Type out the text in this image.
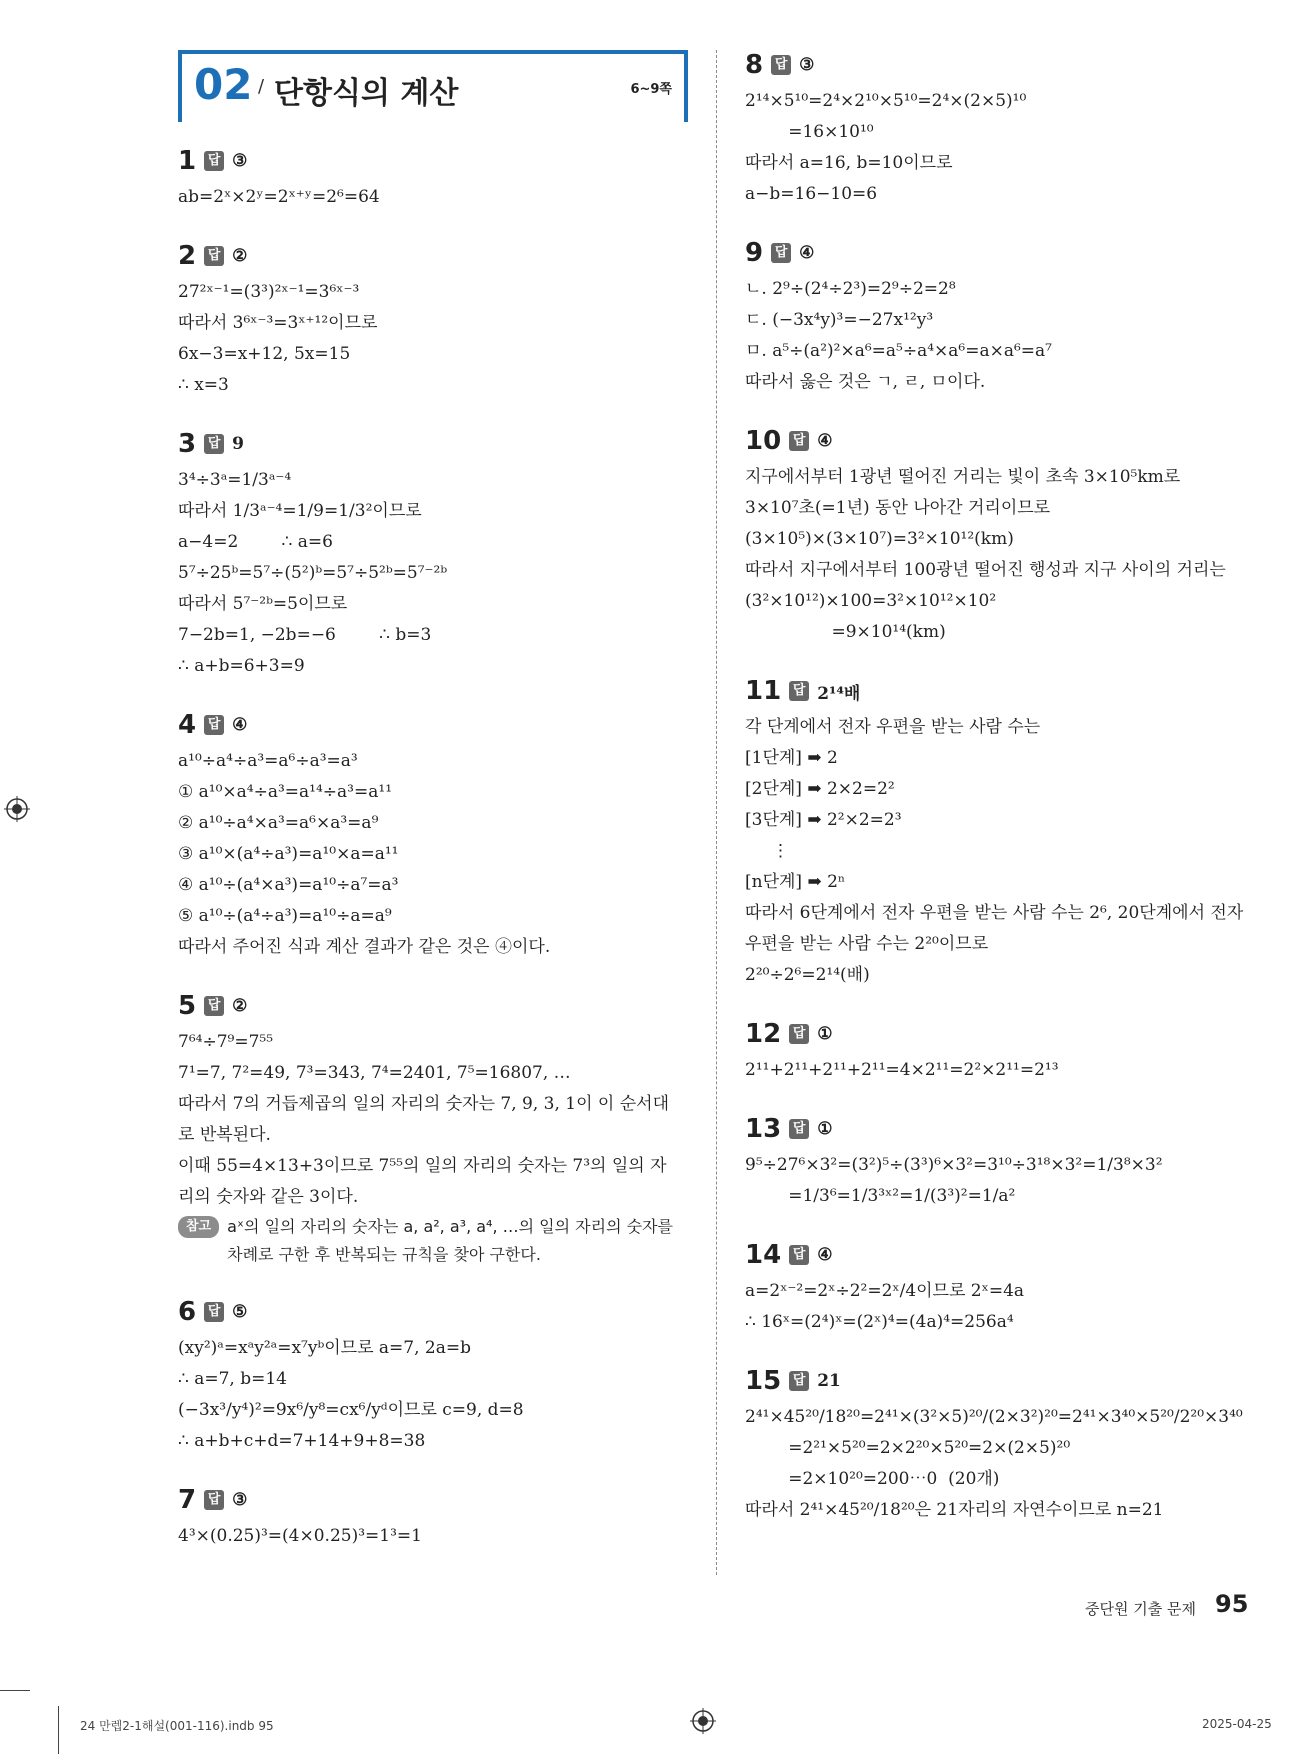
02 / 단항식의 계산	6~9쪽
1 답 ③
ab=2ˣ×2ʸ=2ˣ⁺ʸ=2⁶=64
2 답 ②
27²ˣ⁻¹=(3³)²ˣ⁻¹=3⁶ˣ⁻³
따라서 3⁶ˣ⁻³=3ˣ⁺¹²이므로
6x−3=x+12, 5x=15
∴ x=3
3 답 9
3⁴÷3ᵃ=1/3ᵃ⁻⁴
따라서 1/3ᵃ⁻⁴=1/9=1/3²이므로
a−4=2        ∴ a=6
5⁷÷25ᵇ=5⁷÷(5²)ᵇ=5⁷÷5²ᵇ=5⁷⁻²ᵇ
따라서 5⁷⁻²ᵇ=5이므로
7−2b=1, −2b=−6        ∴ b=3
∴ a+b=6+3=9
4 답 ④
a¹⁰÷a⁴÷a³=a⁶÷a³=a³
① a¹⁰×a⁴÷a³=a¹⁴÷a³=a¹¹
② a¹⁰÷a⁴×a³=a⁶×a³=a⁹
③ a¹⁰×(a⁴÷a³)=a¹⁰×a=a¹¹
④ a¹⁰÷(a⁴×a³)=a¹⁰÷a⁷=a³
⑤ a¹⁰÷(a⁴÷a³)=a¹⁰÷a=a⁹
따라서 주어진 식과 계산 결과가 같은 것은 ④이다.
5 답 ②
7⁶⁴÷7⁹=7⁵⁵
7¹=7, 7²=49, 7³=343, 7⁴=2401, 7⁵=16807, …
따라서 7의 거듭제곱의 일의 자리의 숫자는 7, 9, 3, 1이 이 순서대
로 반복된다.
이때 55=4×13+3이므로 7⁵⁵의 일의 자리의 숫자는 7³의 일의 자
리의 숫자와 같은 3이다.
참고	aˣ의 일의 자리의 숫자는 a, a², a³, a⁴, …의 일의 자리의 숫자를 차례로 구한 후 반복되는 규칙을 찾아 구한다.
6 답 ⑤
(xy²)ᵃ=xᵃy²ᵃ=x⁷yᵇ이므로 a=7, 2a=b
∴ a=7, b=14
(−3x³/y⁴)²=9x⁶/y⁸=cx⁶/yᵈ이므로 c=9, d=8
∴ a+b+c+d=7+14+9+8=38
7 답 ③
4³×(0.25)³=(4×0.25)³=1³=1
8 답 ③
2¹⁴×5¹⁰=2⁴×2¹⁰×5¹⁰=2⁴×(2×5)¹⁰
=16×10¹⁰
따라서 a=16, b=10이므로
a−b=16−10=6
9 답 ④
ㄴ. 2⁹÷(2⁴÷2³)=2⁹÷2=2⁸
ㄷ. (−3x⁴y)³=−27x¹²y³
ㅁ. a⁵÷(a²)²×a⁶=a⁵÷a⁴×a⁶=a×a⁶=a⁷
따라서 옳은 것은 ㄱ, ㄹ, ㅁ이다.
10 답 ④
지구에서부터 1광년 떨어진 거리는 빛이 초속 3×10⁵km로
3×10⁷초(=1년) 동안 나아간 거리이므로
(3×10⁵)×(3×10⁷)=3²×10¹²(km)
따라서 지구에서부터 100광년 떨어진 행성과 지구 사이의 거리는
(3²×10¹²)×100=3²×10¹²×10²
=9×10¹⁴(km)
11 답 2¹⁴배
각 단계에서 전자 우편을 받는 사람 수는
[1단계] ➡ 2
[2단계] ➡ 2×2=2²
[3단계] ➡ 2²×2=2³
⋮
[n단계] ➡ 2ⁿ
따라서 6단계에서 전자 우편을 받는 사람 수는 2⁶, 20단계에서 전자
우편을 받는 사람 수는 2²⁰이므로
2²⁰÷2⁶=2¹⁴(배)
12 답 ①
2¹¹+2¹¹+2¹¹+2¹¹=4×2¹¹=2²×2¹¹=2¹³
13 답 ①
9⁵÷27⁶×3²=(3²)⁵÷(3³)⁶×3²=3¹⁰÷3¹⁸×3²=1/3⁸×3²
=1/3⁶=1/3³ˣ²=1/(3³)²=1/a²
14 답 ④
a=2ˣ⁻²=2ˣ÷2²=2ˣ/4이므로 2ˣ=4a
∴ 16ˣ=(2⁴)ˣ=(2ˣ)⁴=(4a)⁴=256a⁴
15 답 21
2⁴¹×45²⁰/18²⁰=2⁴¹×(3²×5)²⁰/(2×3²)²⁰=2⁴¹×3⁴⁰×5²⁰/2²⁰×3⁴⁰
=2²¹×5²⁰=2×2²⁰×5²⁰=2×(2×5)²⁰
=2×10²⁰=200⋯0  (20개)
따라서 2⁴¹×45²⁰/18²⁰은 21자리의 자연수이므로 n=21
중단원 기출 문제 95
24 만렙2-1해설(001-116).indb 95	2025-04-25
